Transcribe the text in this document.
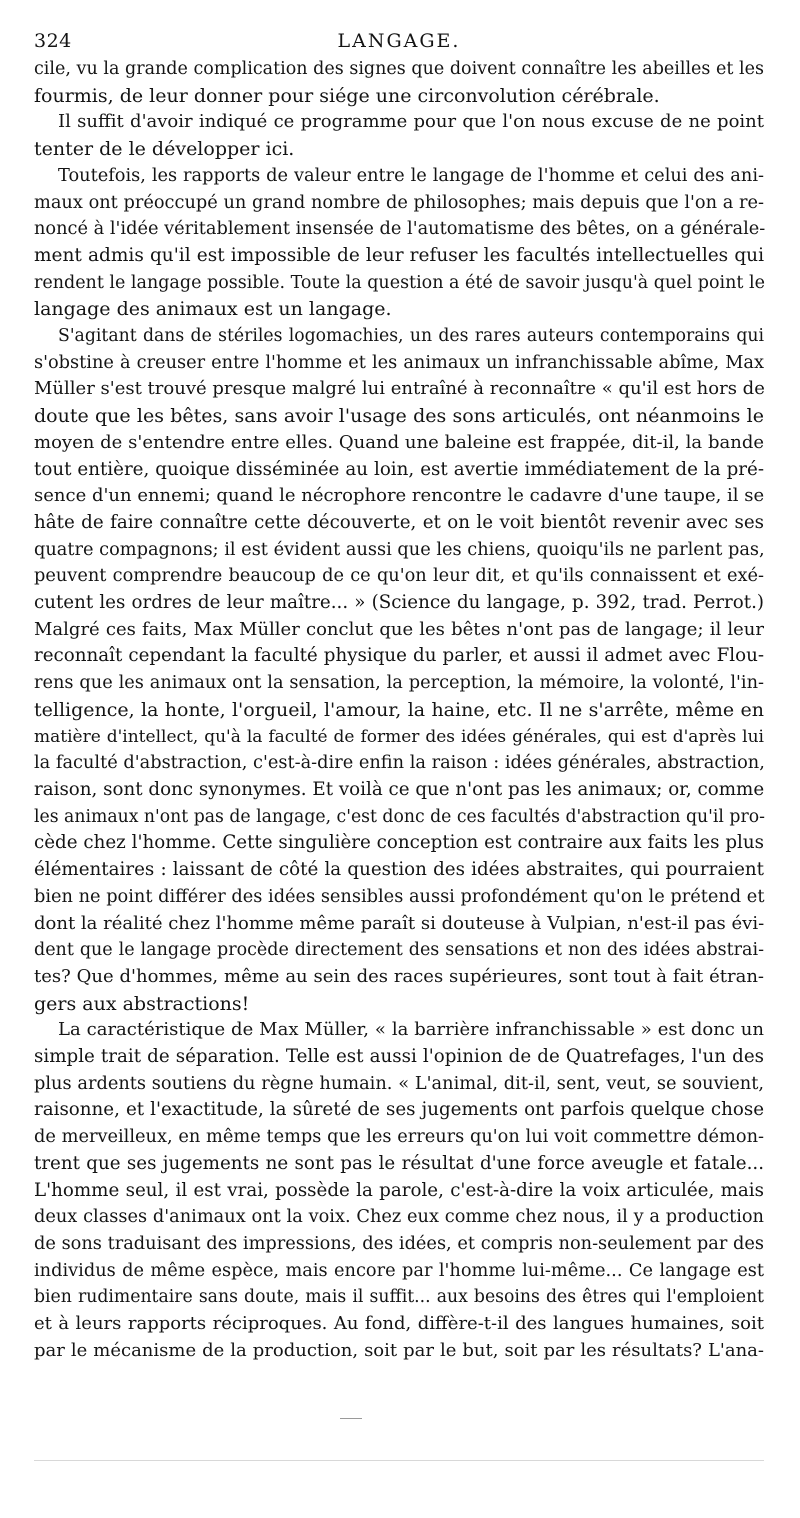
324	LANGAGE.

cile, vu la grande complication des signes que doivent connaître les abeilles et les
fourmis, de leur donner pour siége une circonvolution cérébrale.

Il suffit d'avoir indiqué ce programme pour que l'on nous excuse de ne point
tenter de le développer ici.

Toutefois, les rapports de valeur entre le langage de l'homme et celui des ani-
maux ont préoccupé un grand nombre de philosophes; mais depuis que l'on a re-
noncé à l'idée véritablement insensée de l'automatisme des bêtes, on a générale-
ment admis qu'il est impossible de leur refuser les facultés intellectuelles qui
rendent le langage possible. Toute la question a été de savoir jusqu'à quel point le
langage des animaux est un langage.

S'agitant dans de stériles logomachies, un des rares auteurs contemporains qui
s'obstine à creuser entre l'homme et les animaux un infranchissable abîme, Max
Müller s'est trouvé presque malgré lui entraîné à reconnaître « qu'il est hors de
doute que les bêtes, sans avoir l'usage des sons articulés, ont néanmoins le
moyen de s'entendre entre elles. Quand une baleine est frappée, dit-il, la bande
tout entière, quoique disséminée au loin, est avertie immédiatement de la pré-
sence d'un ennemi; quand le nécrophore rencontre le cadavre d'une taupe, il se
hâte de faire connaître cette découverte, et on le voit bientôt revenir avec ses
quatre compagnons; il est évident aussi que les chiens, quoiqu'ils ne parlent pas,
peuvent comprendre beaucoup de ce qu'on leur dit, et qu'ils connaissent et exé-
cutent les ordres de leur maître... » (Science du langage, p. 392, trad. Perrot.)
Malgré ces faits, Max Müller conclut que les bêtes n'ont pas de langage; il leur
reconnaît cependant la faculté physique du parler, et aussi il admet avec Flou-
rens que les animaux ont la sensation, la perception, la mémoire, la volonté, l'in-
telligence, la honte, l'orgueil, l'amour, la haine, etc. Il ne s'arrête, même en
matière d'intellect, qu'à la faculté de former des idées générales, qui est d'après lui
la faculté d'abstraction, c'est-à-dire enfin la raison : idées générales, abstraction,
raison, sont donc synonymes. Et voilà ce que n'ont pas les animaux; or, comme
les animaux n'ont pas de langage, c'est donc de ces facultés d'abstraction qu'il pro-
cède chez l'homme. Cette singulière conception est contraire aux faits les plus
élémentaires : laissant de côté la question des idées abstraites, qui pourraient
bien ne point différer des idées sensibles aussi profondément qu'on le prétend et
dont la réalité chez l'homme même paraît si douteuse à Vulpian, n'est-il pas évi-
dent que le langage procède directement des sensations et non des idées abstrai-
tes? Que d'hommes, même au sein des races supérieures, sont tout à fait étran-
gers aux abstractions!

La caractéristique de Max Müller, « la barrière infranchissable » est donc un
simple trait de séparation. Telle est aussi l'opinion de de Quatrefages, l'un des
plus ardents soutiens du règne humain. « L'animal, dit-il, sent, veut, se souvient,
raisonne, et l'exactitude, la sûreté de ses jugements ont parfois quelque chose
de merveilleux, en même temps que les erreurs qu'on lui voit commettre démon-
trent que ses jugements ne sont pas le résultat d'une force aveugle et fatale...
L'homme seul, il est vrai, possède la parole, c'est-à-dire la voix articulée, mais
deux classes d'animaux ont la voix. Chez eux comme chez nous, il y a production
de sons traduisant des impressions, des idées, et compris non-seulement par des
individus de même espèce, mais encore par l'homme lui-même... Ce langage est
bien rudimentaire sans doute, mais il suffit... aux besoins des êtres qui l'emploient
et à leurs rapports réciproques. Au fond, diffère-t-il des langues humaines, soit
par le mécanisme de la production, soit par le but, soit par les résultats? L'ana-
